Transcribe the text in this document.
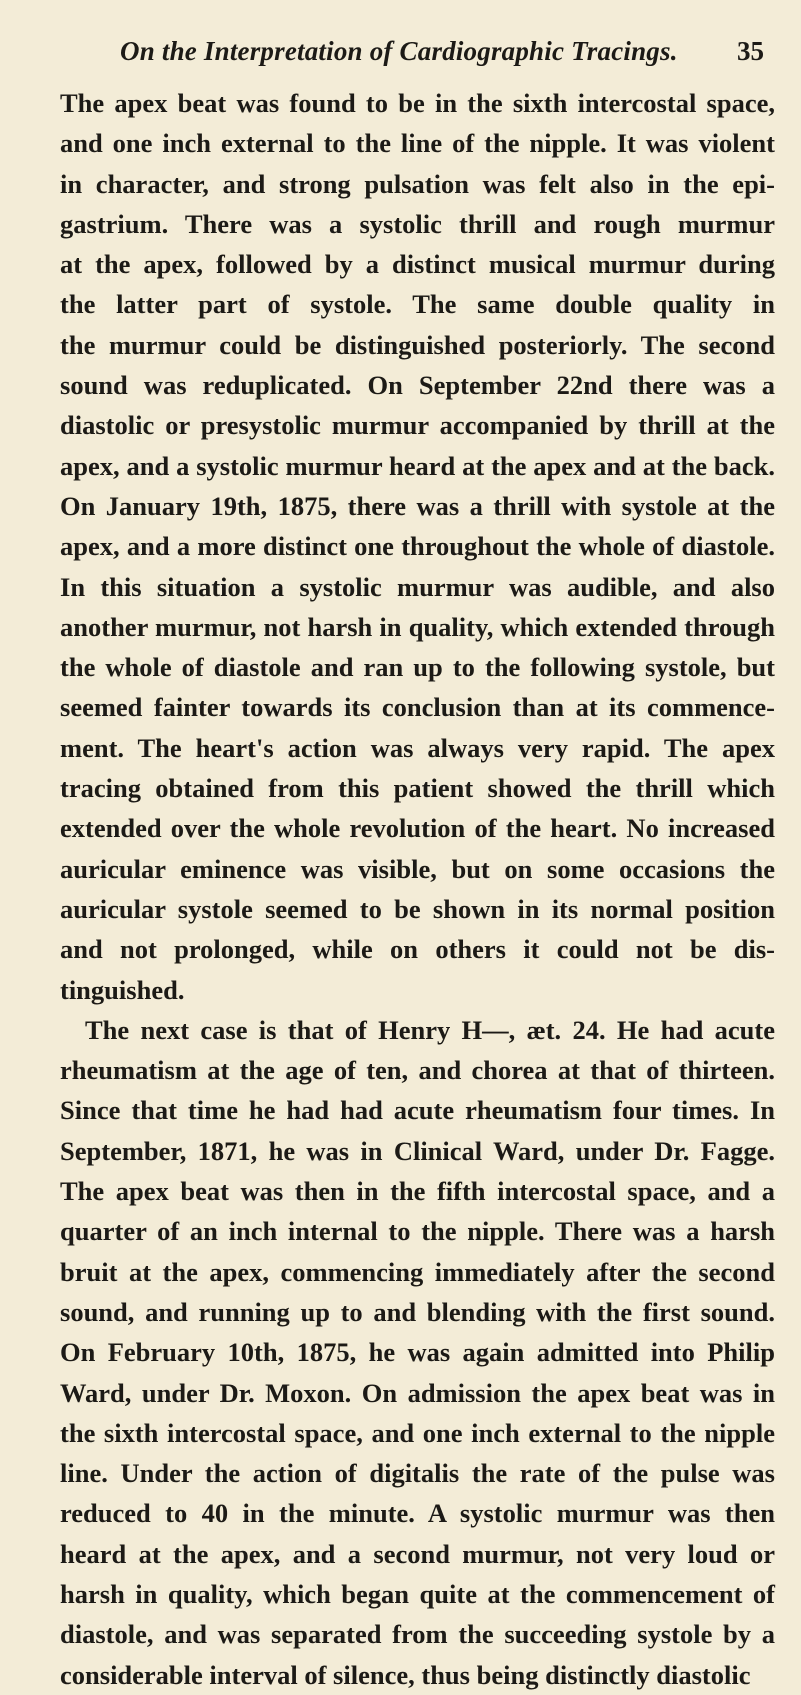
On the Interpretation of Cardiographic Tracings. 35
The apex beat was found to be in the sixth intercostal space,
and one inch external to the line of the nipple. It was violent
in character, and strong pulsation was felt also in the epi-
gastrium. There was a systolic thrill and rough murmur
at the apex, followed by a distinct musical murmur during
the latter part of systole. The same double quality in
the murmur could be distinguished posteriorly. The second
sound was reduplicated. On September 22nd there was a
diastolic or presystolic murmur accompanied by thrill at the
apex, and a systolic murmur heard at the apex and at the back.
On January 19th, 1875, there was a thrill with systole at the
apex, and a more distinct one throughout the whole of diastole.
In this situation a systolic murmur was audible, and also
another murmur, not harsh in quality, which extended through
the whole of diastole and ran up to the following systole, but
seemed fainter towards its conclusion than at its commence-
ment. The heart's action was always very rapid. The apex
tracing obtained from this patient showed the thrill which
extended over the whole revolution of the heart. No increased
auricular eminence was visible, but on some occasions the
auricular systole seemed to be shown in its normal position
and not prolonged, while on others it could not be dis-
tinguished.
The next case is that of Henry H—, æt. 24. He had acute
rheumatism at the age of ten, and chorea at that of thirteen.
Since that time he had had acute rheumatism four times. In
September, 1871, he was in Clinical Ward, under Dr. Fagge.
The apex beat was then in the fifth intercostal space, and a
quarter of an inch internal to the nipple. There was a harsh
bruit at the apex, commencing immediately after the second
sound, and running up to and blending with the first sound.
On February 10th, 1875, he was again admitted into Philip
Ward, under Dr. Moxon. On admission the apex beat was in
the sixth intercostal space, and one inch external to the nipple
line. Under the action of digitalis the rate of the pulse was
reduced to 40 in the minute. A systolic murmur was then
heard at the apex, and a second murmur, not very loud or
harsh in quality, which began quite at the commencement of
diastole, and was separated from the succeeding systole by a
considerable interval of silence, thus being distinctly diastolic
